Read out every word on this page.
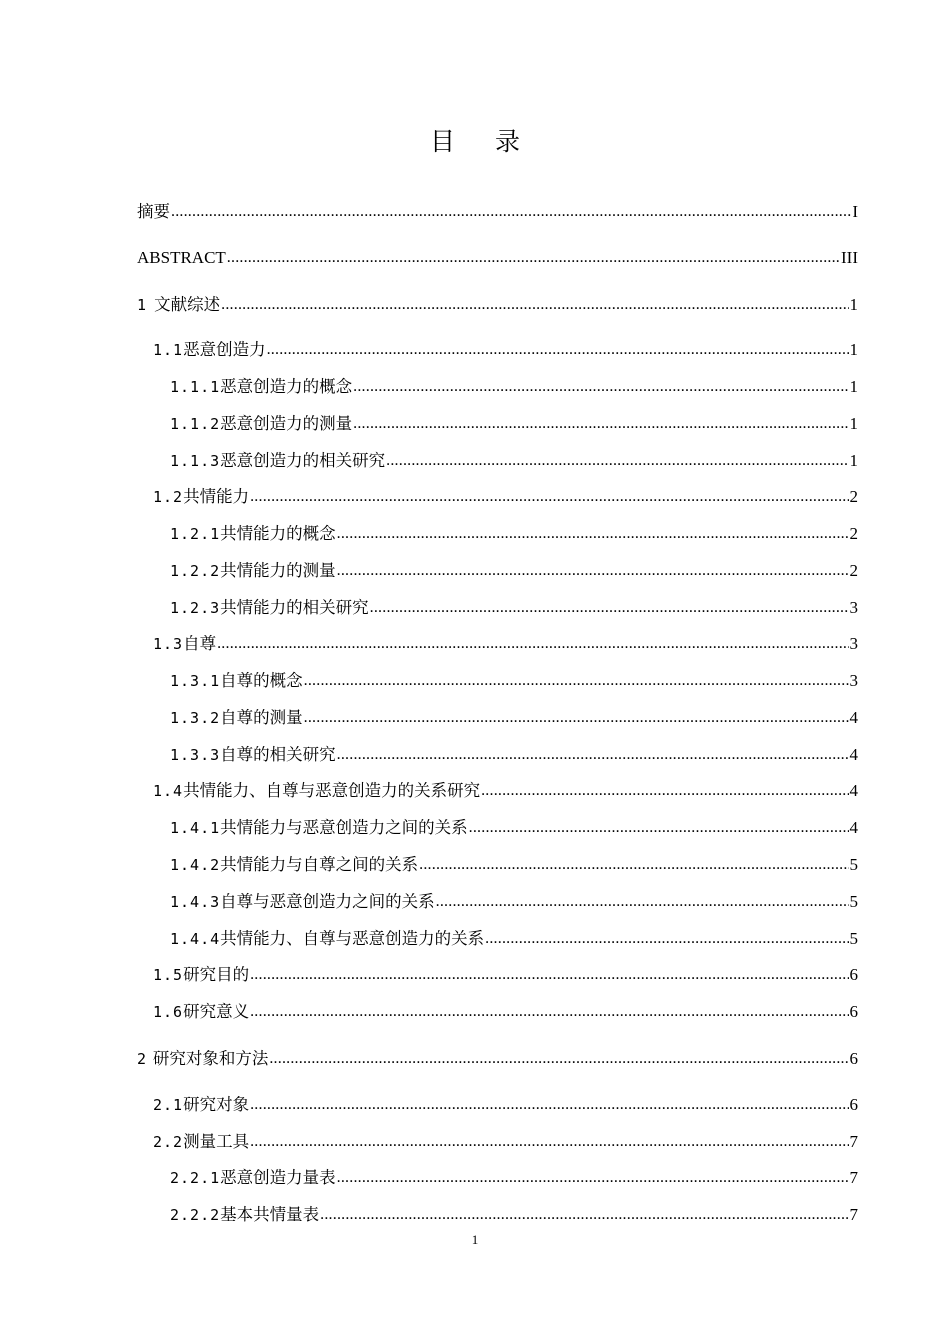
目 录
摘要 .....	I
ABSTRACT .....	III
1 文献综述 .....	1
1.1 恶意创造力 .....	1
1.1.1 恶意创造力的概念 .....	1
1.1.2 恶意创造力的测量 .....	1
1.1.3 恶意创造力的相关研究 .....	1
1.2 共情能力 .....	2
1.2.1 共情能力的概念 .....	2
1.2.2 共情能力的测量 .....	2
1.2.3 共情能力的相关研究 .....	3
1.3 自尊 .....	3
1.3.1 自尊的概念 .....	3
1.3.2 自尊的测量 .....	4
1.3.3 自尊的相关研究 .....	4
1.4 共情能力、自尊与恶意创造力的关系研究 .....	4
1.4.1 共情能力与恶意创造力之间的关系 .....	4
1.4.2 共情能力与自尊之间的关系 .....	5
1.4.3 自尊与恶意创造力之间的关系 .....	5
1.4.4 共情能力、自尊与恶意创造力的关系 .....	5
1.5 研究目的 .....	6
1.6 研究意义 .....	6
2 研究对象和方法 .....	6
2.1 研究对象 .....	6
2.2 测量工具 .....	7
2.2.1 恶意创造力量表 .....	7
2.2.2 基本共情量表 .....	7
1
